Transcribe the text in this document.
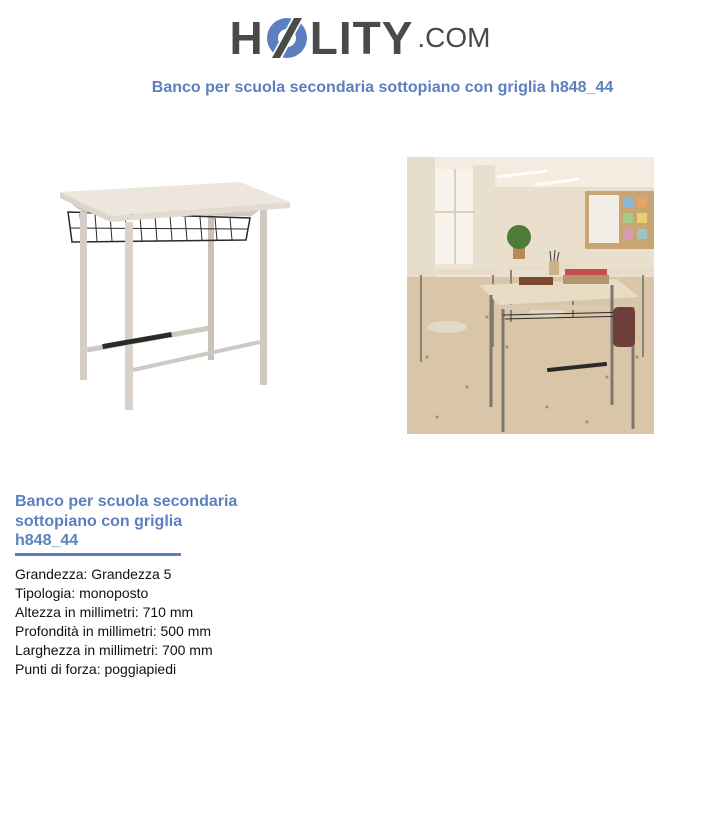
H LITY .COM
Banco per scuola secondaria sottopiano con griglia h848_44
Banco per scuola secondaria sottopiano con griglia h848_44
Grandezza: Grandezza 5
Tipologia: monoposto
Altezza in millimetri: 710 mm
Profondità in millimetri: 500 mm
Larghezza in millimetri: 700 mm
Punti di forza: poggiapiedi
